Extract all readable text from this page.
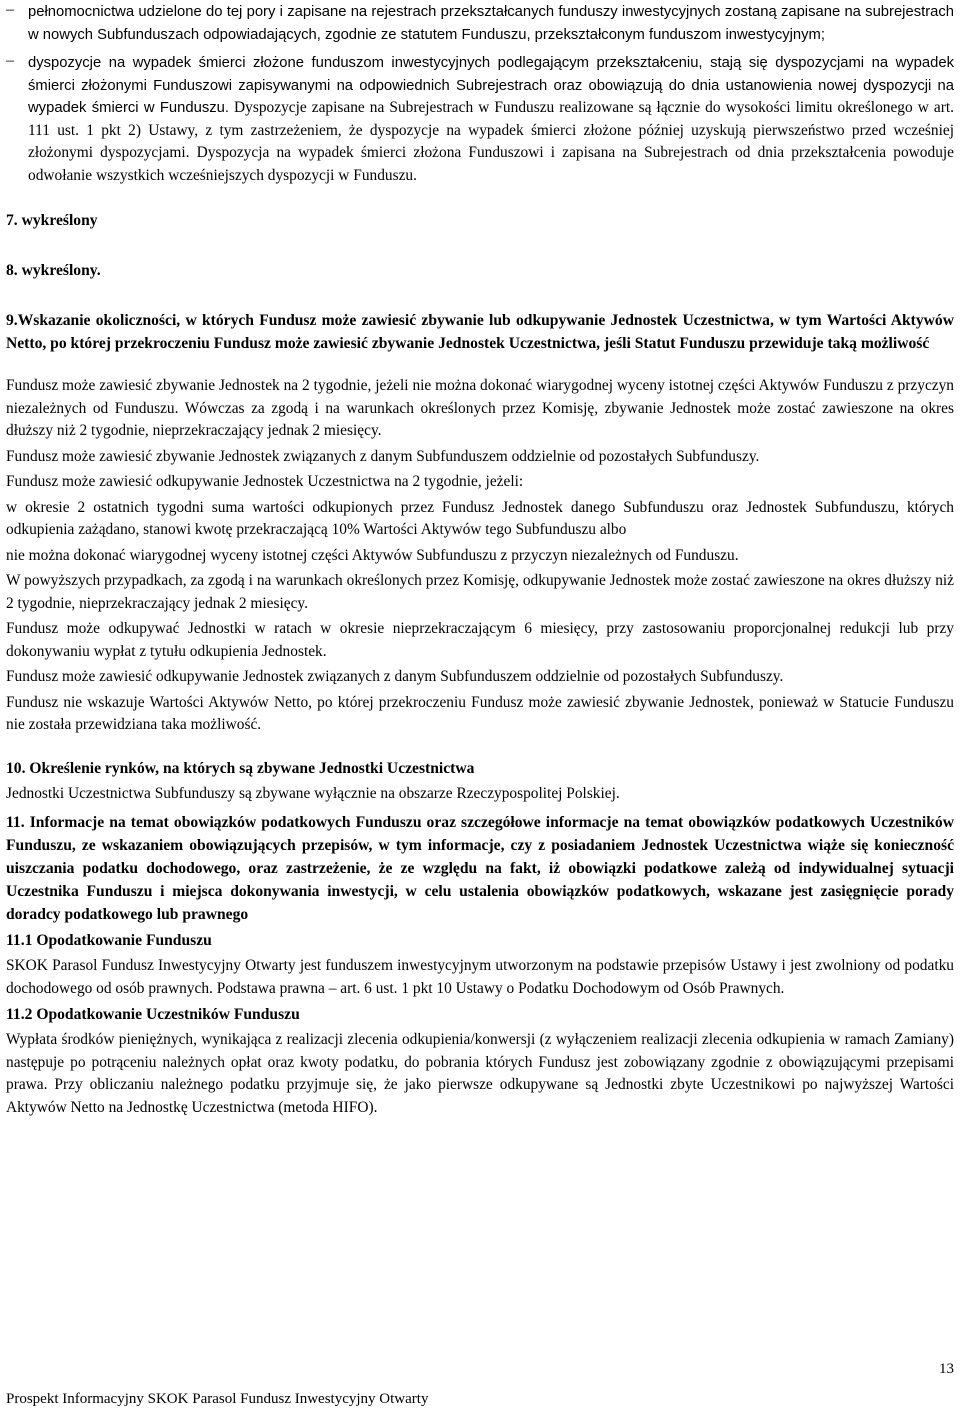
– pełnomocnictwa udzielone do tej pory i zapisane na rejestrach przekształcanych funduszy inwestycyjnych zostaną zapisane na subrejestrach w nowych Subfunduszach odpowiadających, zgodnie ze statutem Funduszu, przekształconym funduszom inwestycyjnym;

– dyspozycje na wypadek śmierci złożone funduszom inwestycyjnych podlegającym przekształceniu, stają się dyspozycjami na wypadek śmierci złożonymi Funduszowi zapisywanymi na odpowiednich Subrejestrach oraz obowiązują do dnia ustanowienia nowej dyspozycji na wypadek śmierci w Funduszu. Dyspozycje zapisane na Subrejestrach w Funduszu realizowane są łącznie do wysokości limitu określonego w art. 111 ust. 1 pkt 2) Ustawy, z tym zastrzeżeniem, że dyspozycje na wypadek śmierci złożone później uzyskują pierwszeństwo przed wcześniej złożonymi dyspozycjami. Dyspozycja na wypadek śmierci złożona Funduszowi i zapisana na Subrejestrach od dnia przekształcenia powoduje odwołanie wszystkich wcześniejszych dyspozycji w Funduszu.

7. wykreślony

8. wykreślony.

9.Wskazanie okoliczności, w których Fundusz może zawiesić zbywanie lub odkupywanie Jednostek Uczestnictwa, w tym Wartości Aktywów Netto, po której przekroczeniu Fundusz może zawiesić zbywanie Jednostek Uczestnictwa, jeśli Statut Funduszu przewiduje taką możliwość

Fundusz może zawiesić zbywanie Jednostek na 2 tygodnie, jeżeli nie można dokonać wiarygodnej wyceny istotnej części Aktywów Funduszu z przyczyn niezależnych od Funduszu. Wówczas za zgodą i na warunkach określonych przez Komisję, zbywanie Jednostek może zostać zawieszone na okres dłuższy niż 2 tygodnie, nieprzekraczający jednak 2 miesięcy.

Fundusz może zawiesić zbywanie Jednostek związanych z danym Subfunduszem oddzielnie od pozostałych Subfunduszy.

Fundusz może zawiesić odkupywanie Jednostek Uczestnictwa na 2 tygodnie, jeżeli:

w okresie 2 ostatnich tygodni suma wartości odkupionych przez Fundusz Jednostek danego Subfunduszu oraz Jednostek Subfunduszu, których odkupienia zażądano, stanowi kwotę przekraczającą 10% Wartości Aktywów tego Subfunduszu albo

nie można dokonać wiarygodnej wyceny istotnej części Aktywów Subfunduszu z przyczyn niezależnych od Funduszu.

W powyższych przypadkach, za zgodą i na warunkach określonych przez Komisję, odkupywanie Jednostek może zostać zawieszone na okres dłuższy niż 2 tygodnie, nieprzekraczający jednak 2 miesięcy.

Fundusz może odkupywać Jednostki w ratach w okresie nieprzekraczającym 6 miesięcy, przy zastosowaniu proporcjonalnej redukcji lub przy dokonywaniu wypłat z tytułu odkupienia Jednostek.

Fundusz może zawiesić odkupywanie Jednostek związanych z danym Subfunduszem oddzielnie od pozostałych Subfunduszy.

Fundusz nie wskazuje Wartości Aktywów Netto, po której przekroczeniu Fundusz może zawiesić zbywanie Jednostek, ponieważ w Statucie Funduszu nie została przewidziana taka możliwość.

10. Określenie rynków, na których są zbywane Jednostki Uczestnictwa

Jednostki Uczestnictwa Subfunduszy są zbywane wyłącznie na obszarze Rzeczypospolitej Polskiej.

11. Informacje na temat obowiązków podatkowych Funduszu oraz szczegółowe informacje na temat obowiązków podatkowych Uczestników Funduszu, ze wskazaniem obowiązujących przepisów, w tym informacje, czy z posiadaniem Jednostek Uczestnictwa wiąże się konieczność uiszczania podatku dochodowego, oraz zastrzeżenie, że ze względu na fakt, iż obowiązki podatkowe zależą od indywidualnej sytuacji Uczestnika Funduszu i miejsca dokonywania inwestycji, w celu ustalenia obowiązków podatkowych, wskazane jest zasięgnięcie porady doradcy podatkowego lub prawnego

11.1 Opodatkowanie Funduszu

SKOK Parasol Fundusz Inwestycyjny Otwarty jest funduszem inwestycyjnym utworzonym na podstawie przepisów Ustawy i jest zwolniony od podatku dochodowego od osób prawnych. Podstawa prawna – art. 6 ust. 1 pkt 10 Ustawy o Podatku Dochodowym od Osób Prawnych.

11.2 Opodatkowanie Uczestników Funduszu

Wypłata środków pieniężnych, wynikająca z realizacji zlecenia odkupienia/konwersji (z wyłączeniem realizacji zlecenia odkupienia w ramach Zamiany) następuje po potrąceniu należnych opłat oraz kwoty podatku, do pobrania których Fundusz jest zobowiązany zgodnie z obowiązującymi przepisami prawa. Przy obliczaniu należnego podatku przyjmuje się, że jako pierwsze odkupywane są Jednostki zbyte Uczestnikowi po najwyższej Wartości Aktywów Netto na Jednostkę Uczestnictwa (metoda HIFO).

13
Prospekt Informacyjny SKOK Parasol Fundusz Inwestycyjny Otwarty
